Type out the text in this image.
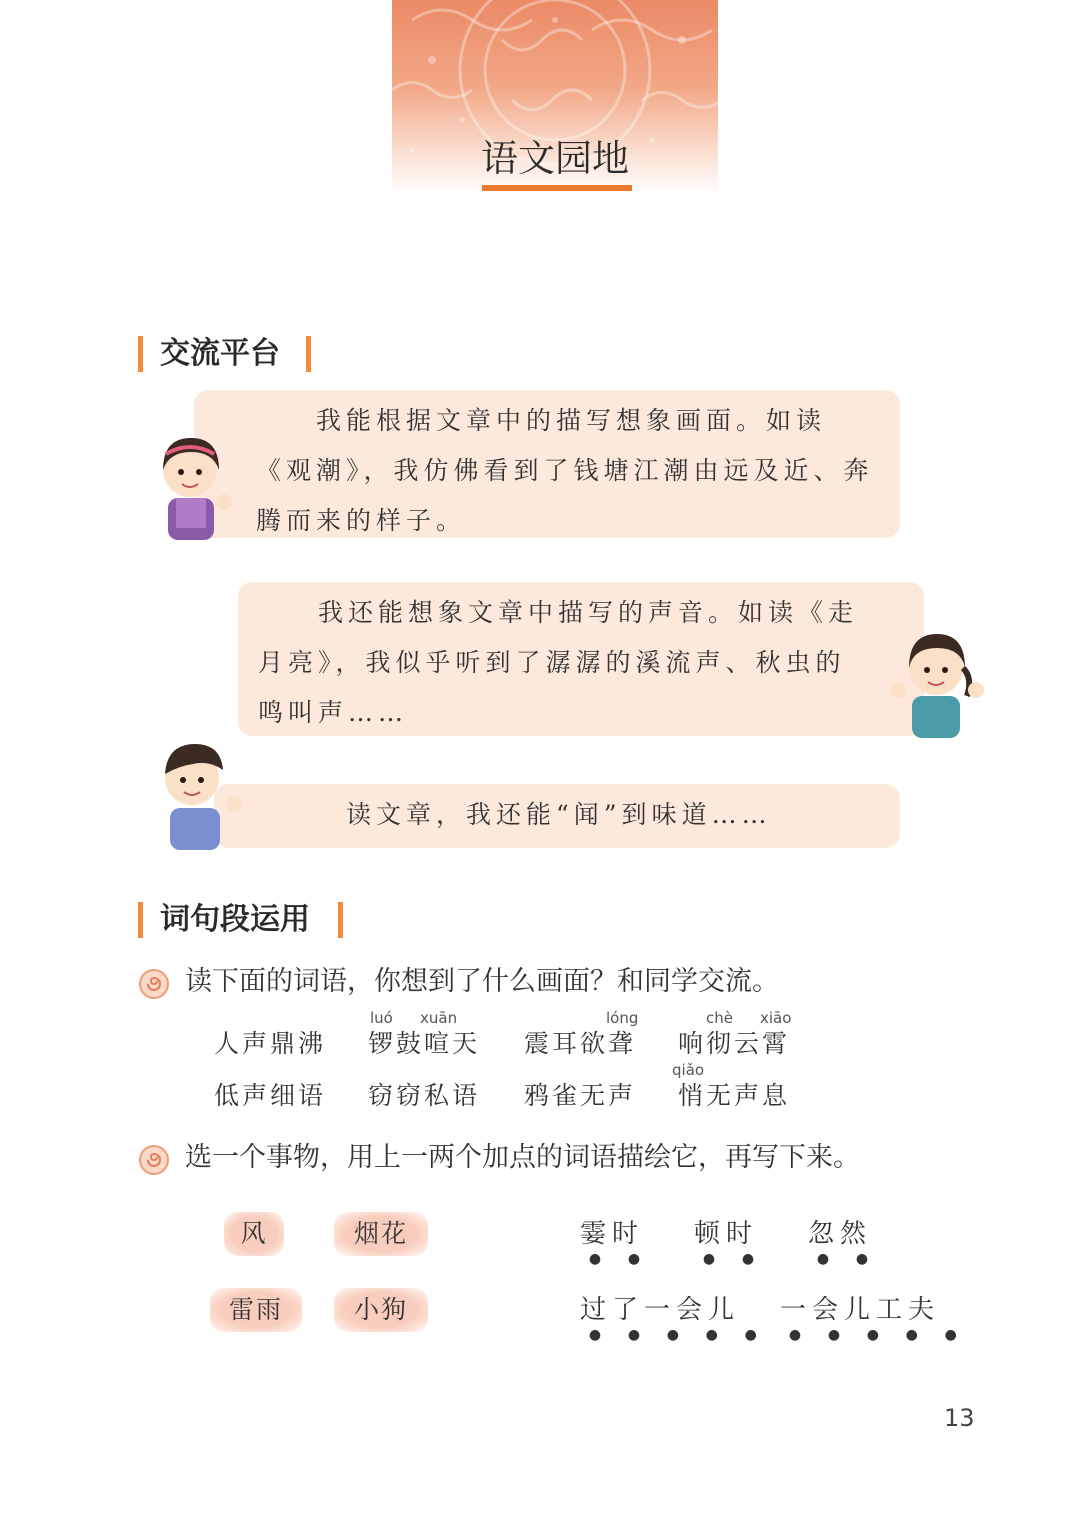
语文园地
交流平台
　　我能根据文章中的描写想象画面。如读《观潮》，我仿佛看到了钱塘江潮由远及近、奔腾而来的样子。
　　我还能想象文章中描写的声音。如读《走月亮》，我似乎听到了潺潺的溪流声、秋虫的鸣叫声……
　　读文章，我还能“闻”到味道……
词句段运用
读下面的词语，你想到了什么画面？和同学交流。
luó xuān	lóng	chè xiāo
qiǎo
人声鼎沸 锣鼓喧天 震耳欲聋 响彻云霄
低声细语 窃窃私语 鸦雀无声 悄无声息
选一个事物，用上一两个加点的词语描绘它，再写下来。
风	烟花
雷雨	小狗
霎时
●      ●
顿时
●      ●
忽然
●      ●
过了一会儿
●      ●      ●      ●      ●
一会儿工夫
●      ●      ●      ●      ●
13
